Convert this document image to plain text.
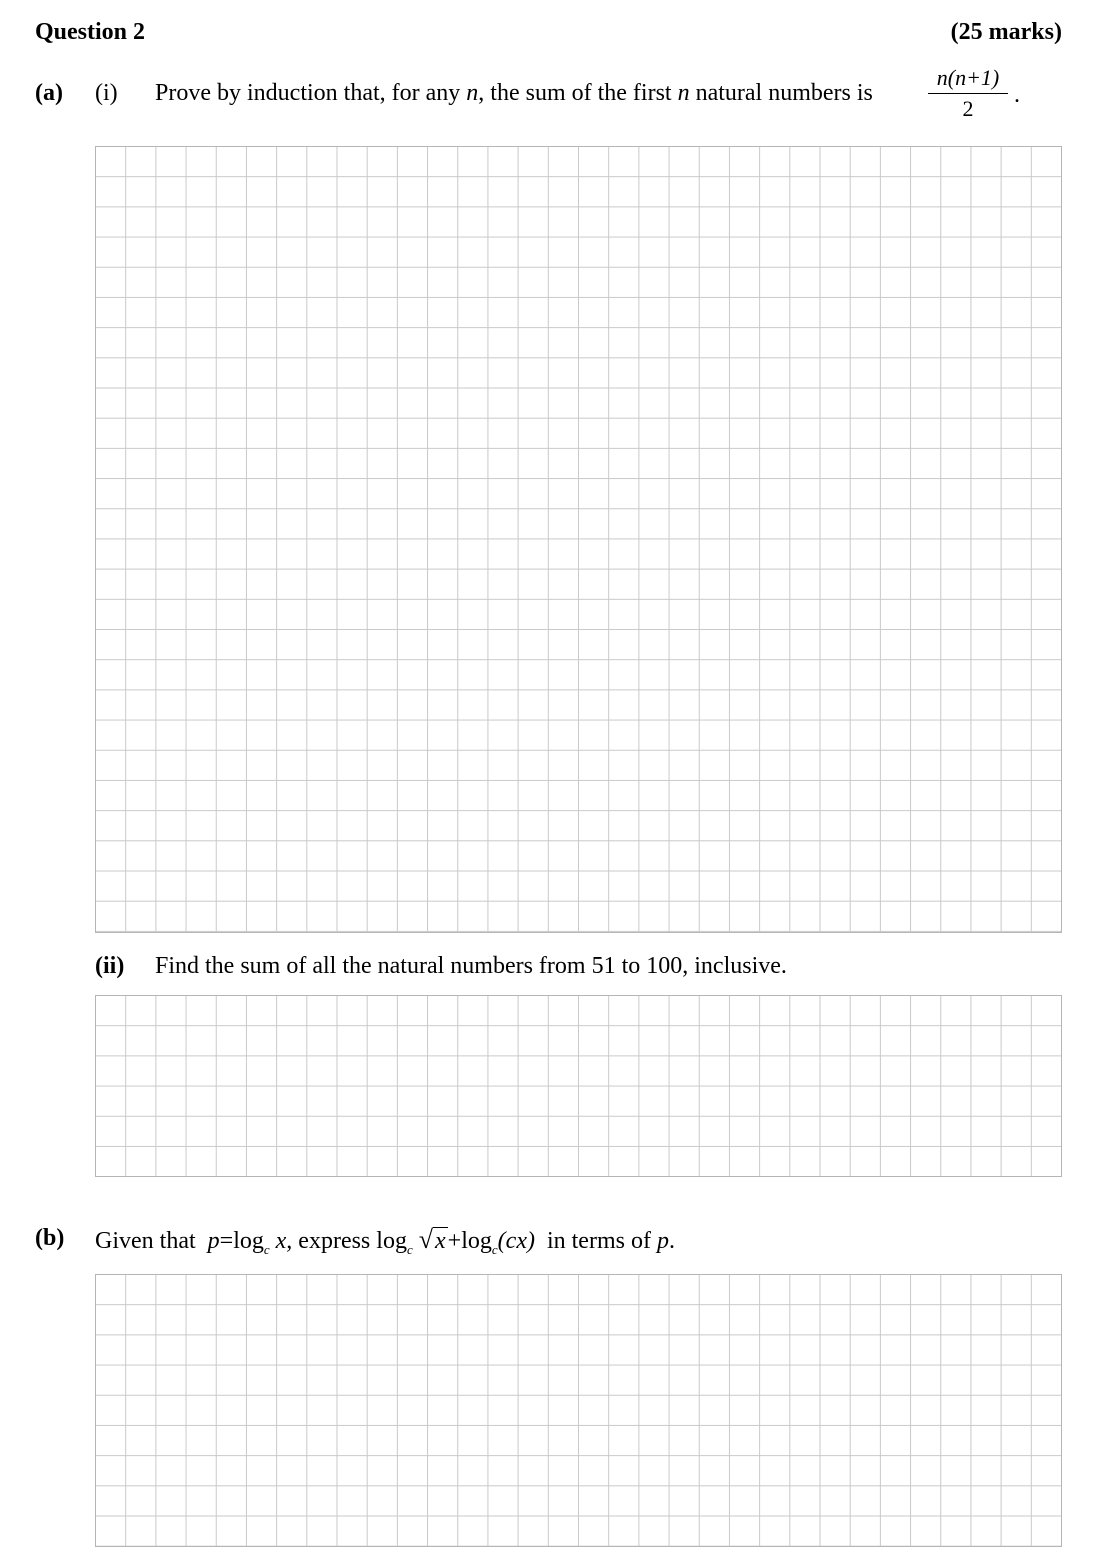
Question 2	(25 marks)
(a) (i) Prove by induction that, for any n, the sum of the first n natural numbers is
n(n+1)
2
.
(ii) Find the sum of all the natural numbers from 51 to 100, inclusive.
(b) Given that $p=\log_c$ x, express $\log_c √x+\log_c(cx)$ in terms of p.
